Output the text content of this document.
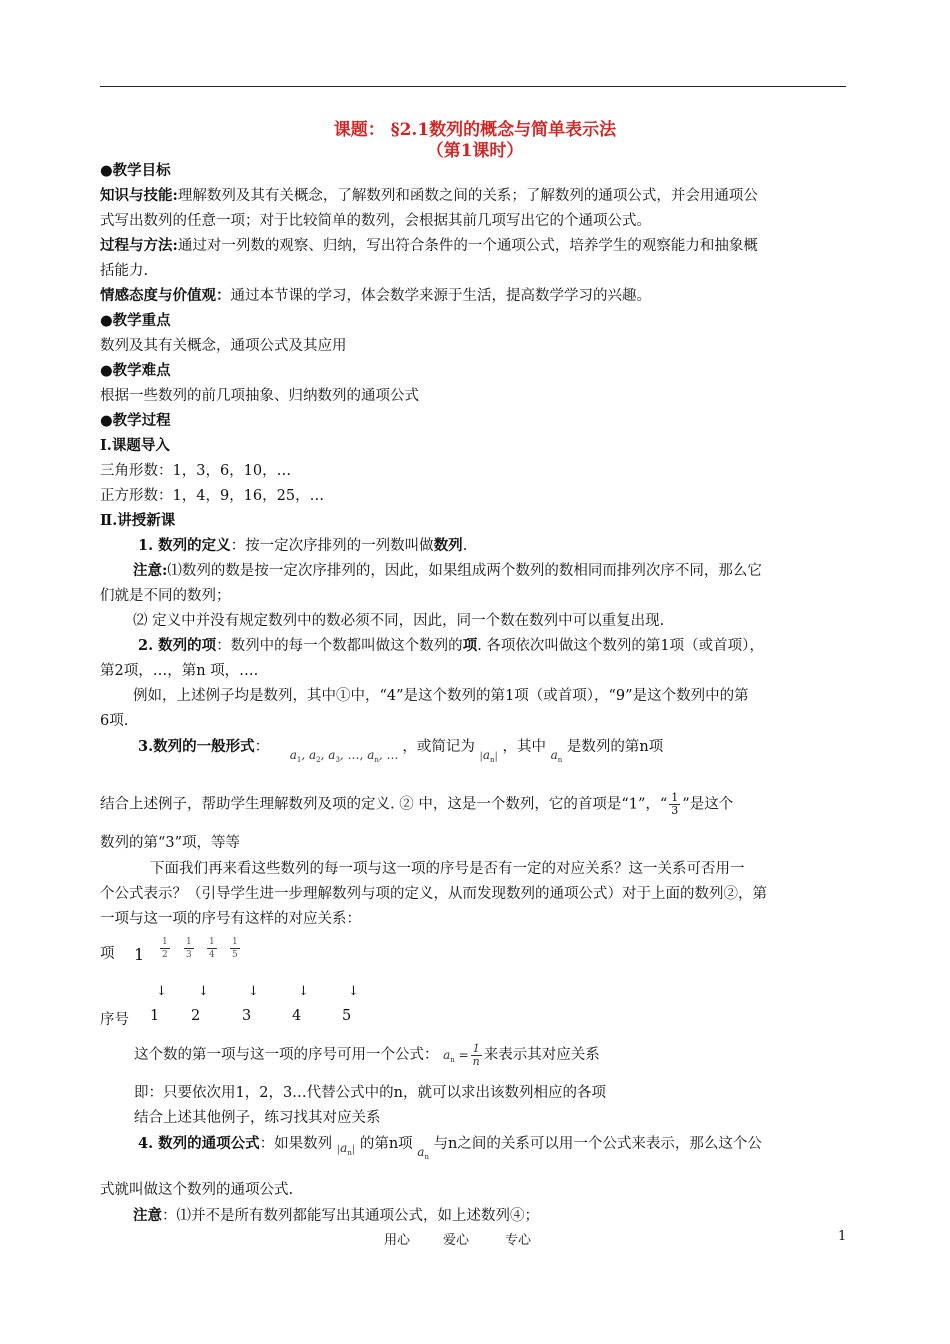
课题： §2.1数列的概念与简单表示法
（第1课时）
●教学目标
知识与技能:理解数列及其有关概念，了解数列和函数之间的关系；了解数列的通项公式，并会用通项公
式写出数列的任意一项；对于比较简单的数列，会根据其前几项写出它的个通项公式。
过程与方法:通过对一列数的观察、归纳，写出符合条件的一个通项公式，培养学生的观察能力和抽象概
括能力.
情感态度与价值观：通过本节课的学习，体会数学来源于生活，提高数学学习的兴趣。
●教学重点
数列及其有关概念，通项公式及其应用
●教学难点
根据一些数列的前几项抽象、归纳数列的通项公式
●教学过程
Ⅰ.课题导入
三角形数：1，3，6，10，…
正方形数：1，4，9，16，25，…
Ⅱ.讲授新课
1. 数列的定义：按一定次序排列的一列数叫做数列.
注意:⑴数列的数是按一定次序排列的，因此，如果组成两个数列的数相同而排列次序不同，那么它
们就是不同的数列；
⑵ 定义中并没有规定数列中的数必须不同，因此，同一个数在数列中可以重复出现.
2. 数列的项：数列中的每一个数都叫做这个数列的项. 各项依次叫做这个数列的第1项（或首项），
第2项，…，第n 项，….
例如，上述例子均是数列，其中①中，“4”是这个数列的第1项（或首项），“9”是这个数列中的第
6项.
3.数列的一般形式： $_{a_1, a_2, a_3, \dots, a_n, \dots}$ ，或简记为 $_{|a_n|}$ ，其中 $_{a_n}$ 是数列的第n项
结合上述例子，帮助学生理解数列及项的定义. ② 中，这是一个数列，它的首项是“1”，“ $\frac{1}{3}$ ”是这个
数列的第“3”项，等等
下面我们再来看这些数列的每一项与这一项的序号是否有一定的对应关系？这一关系可否用一
个公式表示？（引导学生进一步理解数列与项的定义，从而发现数列的通项公式）对于上面的数列②，第
一项与这一项的序号有这样的对应关系：
项	1	$\frac{1}{2} \frac{1}{3} \frac{1}{4} \frac{1}{5}$
↓ ↓	↓	↓	↓
序号 1 2	3	4	5
这个数的第一项与这一项的序号可用一个公式： $a_n = \frac{1}{n}$ 来表示其对应关系
即：只要依次用1，2，3…代替公式中的n，就可以求出该数列相应的各项
结合上述其他例子，练习找其对应关系
4. 数列的通项公式：如果数列 $_{|a_n|}$ 的第n项 $_{a_n}$ 与n之间的关系可以用一个公式来表示，那么这个公
式就叫做这个数列的通项公式.
注意：⑴并不是所有数列都能写出其通项公式，如上述数列④；
用心	爱心	专心	1
